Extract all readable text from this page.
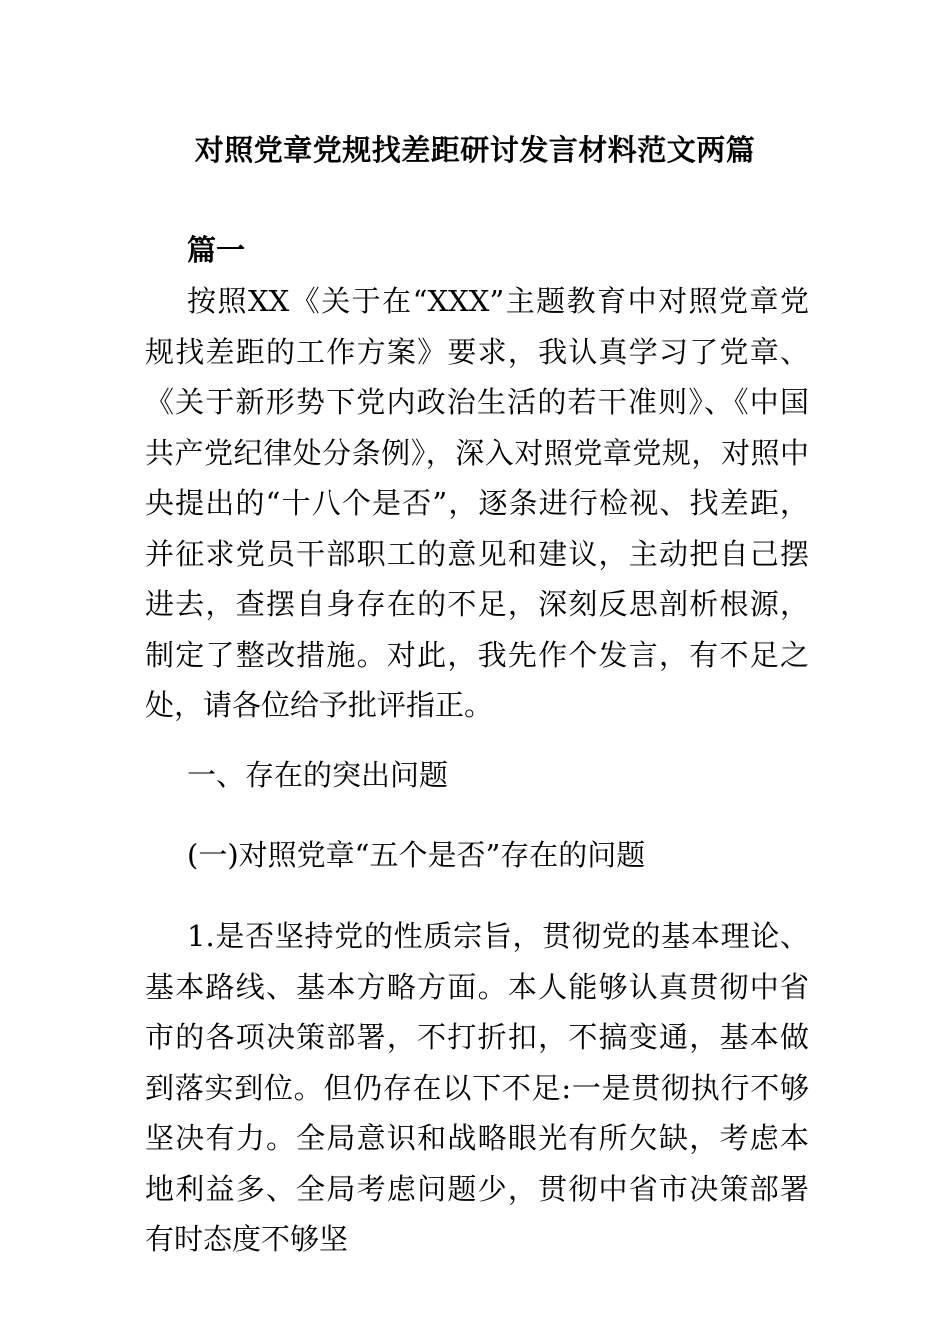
对照党章党规找差距研讨发言材料范文两篇
篇一

按照XX《关于在“XXX”主题教育中对照党章党规找差距的工作方案》要求，我认真学习了党章、《关于新形势下党内政治生活的若干准则》、《中国共产党纪律处分条例》，深入对照党章党规，对照中央提出的“十八个是否”，逐条进行检视、找差距，并征求党员干部职工的意见和建议，主动把自己摆进去，查摆自身存在的不足，深刻反思剖析根源，制定了整改措施。对此，我先作个发言，有不足之处，请各位给予批评指正。

一、存在的突出问题

(一)对照党章“五个是否”存在的问题

1.是否坚持党的性质宗旨，贯彻党的基本理论、基本路线、基本方略方面。本人能够认真贯彻中省市的各项决策部署，不打折扣，不搞变通，基本做到落实到位。但仍存在以下不足:一是贯彻执行不够坚决有力。全局意识和战略眼光有所欠缺，考虑本地利益多、全局考虑问题少，贯彻中省市决策部署有时态度不够坚
